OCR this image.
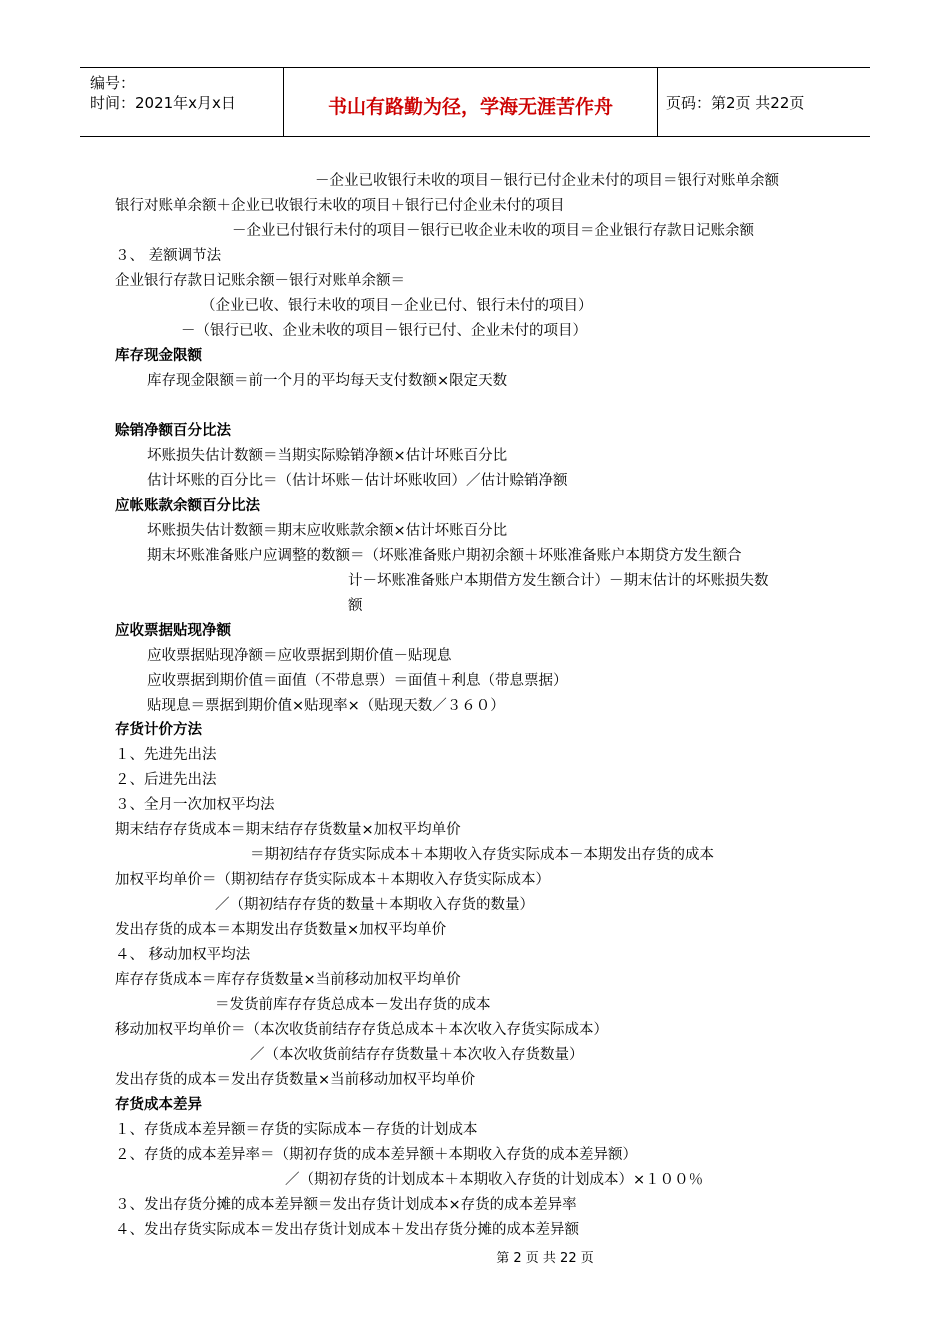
编号：
时间：2021年x月x日	书山有路勤为径，学海无涯苦作舟	页码：第2页 共22页
－企业已收银行未收的项目－银行已付企业未付的项目＝银行对账单余额
银行对账单余额＋企业已收银行未收的项目＋银行已付企业未付的项目
－企业已付银行未付的项目－银行已收企业未收的项目＝企业银行存款日记账余额
３、 差额调节法
企业银行存款日记账余额－银行对账单余额＝
（企业已收、银行未收的项目－企业已付、银行未付的项目）
－（银行已收、企业未收的项目－银行已付、企业未付的项目）
库存现金限额
库存现金限额＝前一个月的平均每天支付数额×限定天数
赊销净额百分比法
坏账损失估计数额＝当期实际赊销净额×估计坏账百分比
估计坏账的百分比＝（估计坏账－估计坏账收回）／估计赊销净额
应帐账款余额百分比法
坏账损失估计数额＝期末应收账款余额×估计坏账百分比
期末坏账准备账户应调整的数额＝（坏账准备账户期初余额＋坏账准备账户本期贷方发生额合
计－坏账准备账户本期借方发生额合计）－期末估计的坏账损失数
额
应收票据贴现净额
应收票据贴现净额＝应收票据到期价值－贴现息
应收票据到期价值＝面值（不带息票）＝面值＋利息（带息票据）
贴现息＝票据到期价值×贴现率×（贴现天数／３６０）
存货计价方法
１、先进先出法
２、后进先出法
３、全月一次加权平均法
期末结存存货成本＝期末结存存货数量×加权平均单价
＝期初结存存货实际成本＋本期收入存货实际成本－本期发出存货的成本
加权平均单价＝（期初结存存货实际成本＋本期收入存货实际成本）
／（期初结存存货的数量＋本期收入存货的数量）
发出存货的成本＝本期发出存货数量×加权平均单价
４、 移动加权平均法
库存存货成本＝库存存货数量×当前移动加权平均单价
＝发货前库存存货总成本－发出存货的成本
移动加权平均单价＝（本次收货前结存存货总成本＋本次收入存货实际成本）
／（本次收货前结存存货数量＋本次收入存货数量）
发出存货的成本＝发出存货数量×当前移动加权平均单价
存货成本差异
１、存货成本差异额＝存货的实际成本－存货的计划成本
２、存货的成本差异率＝（期初存货的成本差异额＋本期收入存货的成本差异额）
／（期初存货的计划成本＋本期收入存货的计划成本）×１００％
３、发出存货分摊的成本差异额＝发出存货计划成本×存货的成本差异率
４、发出存货实际成本＝发出存货计划成本＋发出存货分摊的成本差异额
第 2 页 共 22 页
